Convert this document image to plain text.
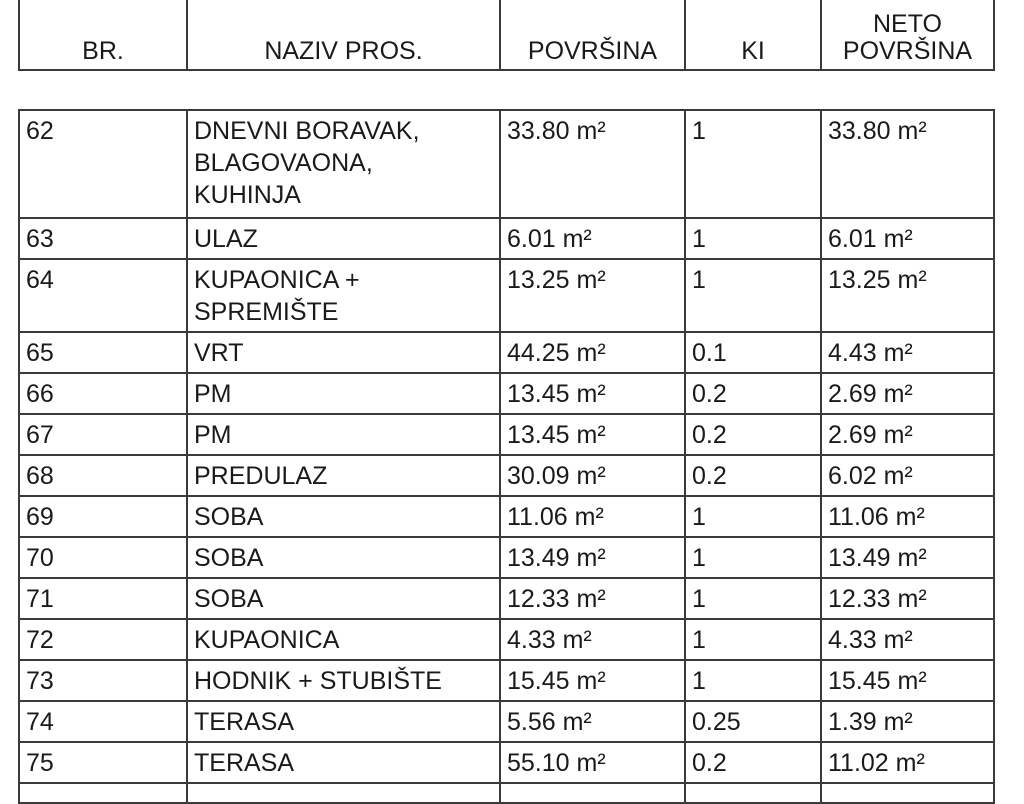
BR.	NAZIV PROS.	POVRŠINA	KI	NETO
POVRŠINA
62	DNEVNI BORAVAK,
BLAGOVAONA,
KUHINJA	33.80 m²	1	33.80 m²
63	ULAZ	6.01 m²	1	6.01 m²
64	KUPAONICA +
SPREMIŠTE	13.25 m²	1	13.25 m²
65	VRT	44.25 m²	0.1	4.43 m²
66	PM	13.45 m²	0.2	2.69 m²
67	PM	13.45 m²	0.2	2.69 m²
68	PREDULAZ	30.09 m²	0.2	6.02 m²
69	SOBA	11.06 m²	1	11.06 m²
70	SOBA	13.49 m²	1	13.49 m²
71	SOBA	12.33 m²	1	12.33 m²
72	KUPAONICA	4.33 m²	1	4.33 m²
73	HODNIK + STUBIŠTE	15.45 m²	1	15.45 m²
74	TERASA	5.56 m²	0.25	1.39 m²
75	TERASA	55.10 m²	0.2	11.02 m²
